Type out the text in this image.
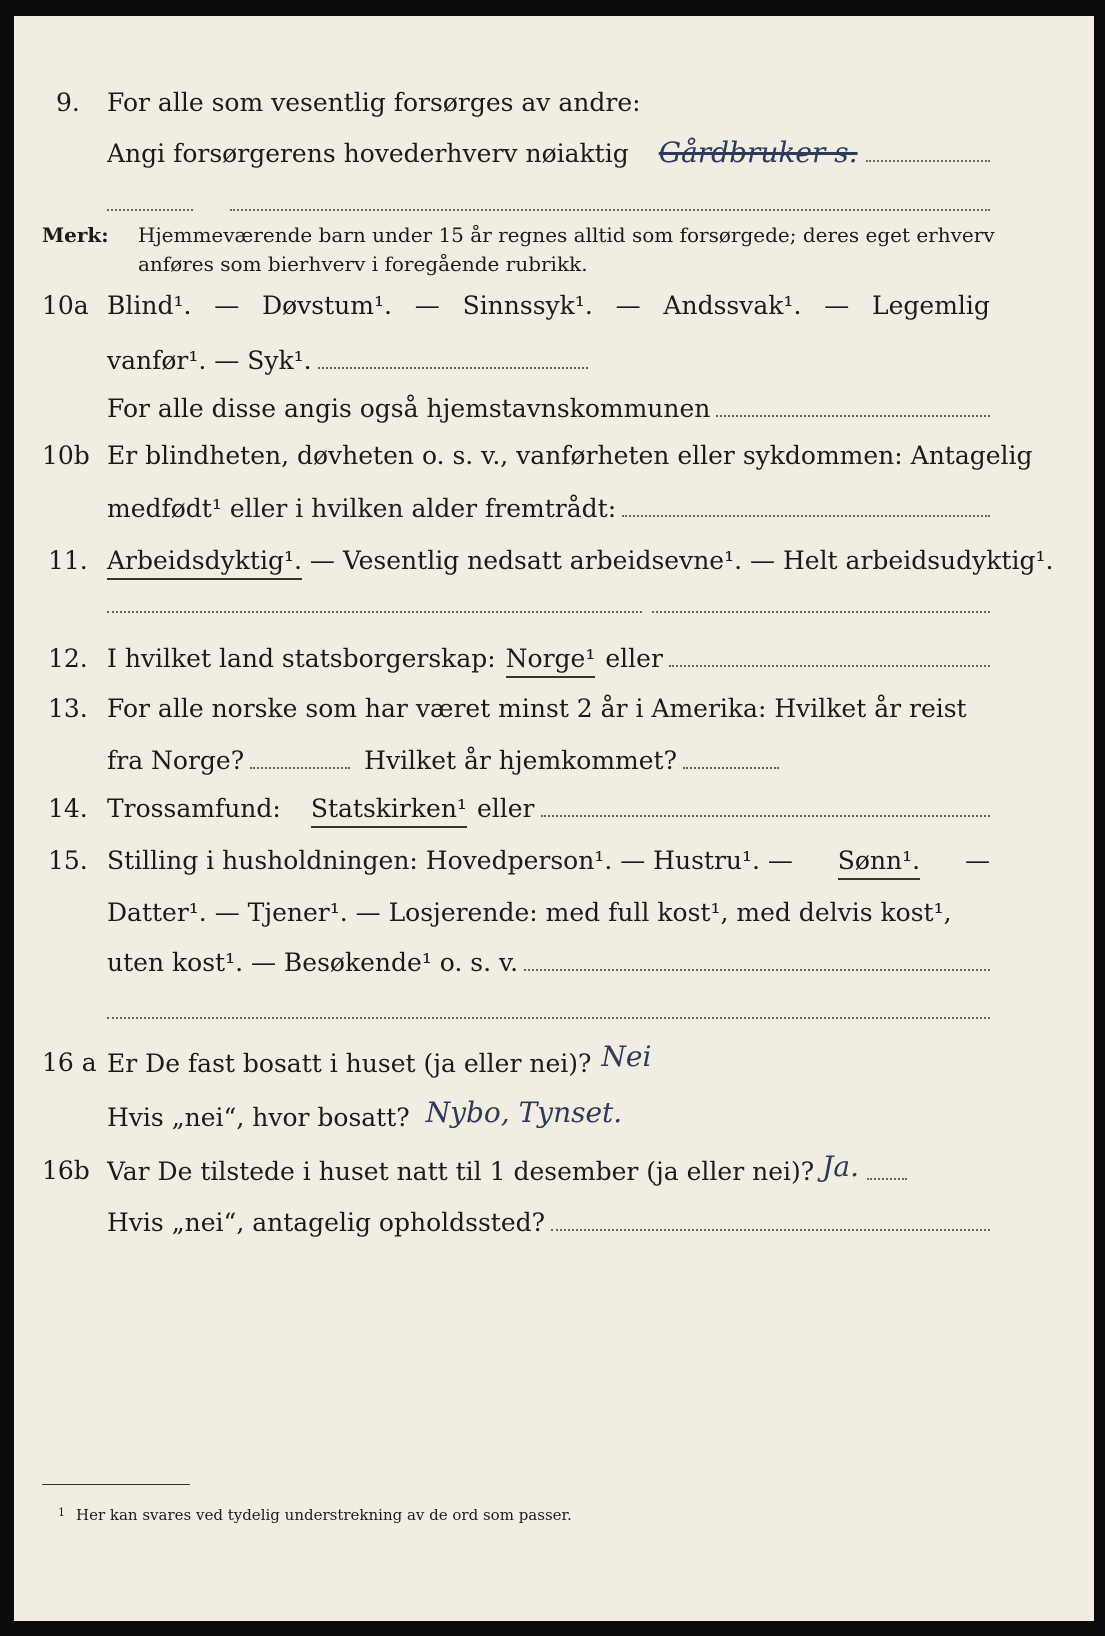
9. For alle som vesentlig forsørges av andre:
Angi forsørgerens hovederhverv nøiaktig Gårdbruker s.
Merk: Hjemmeværende barn under 15 år regnes alltid som forsørgede; deres eget erhverv
anføres som bierhverv i foregående rubrikk.
10a Blind¹. — Døvstum¹. — Sinnssyk¹. — Andssvak¹. — Legemlig
vanfør¹. — Syk¹.
For alle disse angis også hjemstavnskommunen
10b Er blindheten, døvheten o. s. v., vanførheten eller sykdommen: Antagelig
medfødt¹ eller i hvilken alder fremtrådt:
11. Arbeidsdyktig¹. — Vesentlig nedsatt arbeidsevne¹. — Helt arbeidsudyktig¹.
12. I hvilket land statsborgerskap: Norge¹ eller
13. For alle norske som har været minst 2 år i Amerika: Hvilket år reist
fra Norge?	Hvilket år hjemkommet?
14. Trossamfund: Statskirken¹ eller
15. Stilling i husholdningen: Hovedperson¹. — Hustru¹. — Sønn¹. —
Datter¹. — Tjener¹. — Losjerende: med full kost¹, med delvis kost¹,
uten kost¹. — Besøkende¹ o. s. v.
16 a Er De fast bosatt i huset (ja eller nei)? Nei
Hvis „nei“, hvor bosatt? Nybo, Tynset.
16b Var De tilstede i huset natt til 1 desember (ja eller nei)? Ja.
Hvis „nei“, antagelig opholdssted?
1 Her kan svares ved tydelig understrekning av de ord som passer.
